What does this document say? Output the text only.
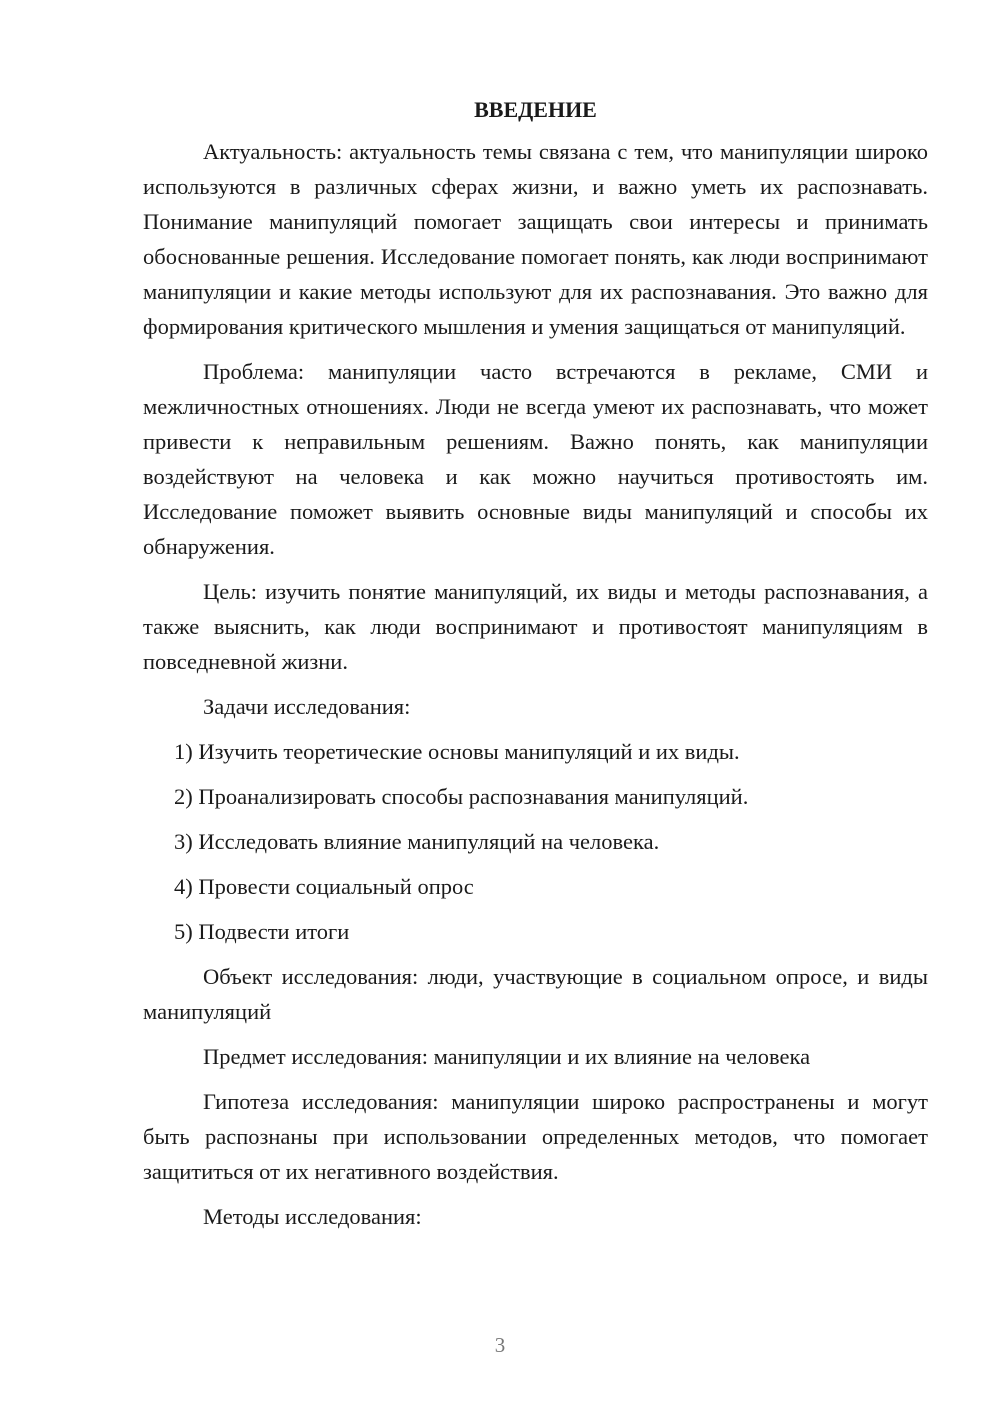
ВВЕДЕНИЕ

Актуальность: актуальность темы связана с тем, что манипуляции широко используются в различных сферах жизни, и важно уметь их распознавать. Понимание манипуляций помогает защищать свои интересы и принимать обоснованные решения. Исследование помогает понять, как люди воспринимают манипуляции и какие методы используют для их распознавания. Это важно для формирования критического мышления и умения защищаться от манипуляций.

Проблема: манипуляции часто встречаются в рекламе, СМИ и межличностных отношениях. Люди не всегда умеют их распознавать, что может привести к неправильным решениям. Важно понять, как манипуляции воздействуют на человека и как можно научиться противостоять им. Исследование поможет выявить основные виды манипуляций и способы их обнаружения.

Цель: изучить понятие манипуляций, их виды и методы распознавания, а также выяснить, как люди воспринимают и противостоят манипуляциям в повседневной жизни.

Задачи исследования:

1) Изучить теоретические основы манипуляций и их виды.

2) Проанализировать способы распознавания манипуляций.

3) Исследовать влияние манипуляций на человека.

4) Провести социальный опрос

5) Подвести итоги

Объект исследования: люди, участвующие в социальном опросе, и виды манипуляций

Предмет исследования: манипуляции и их влияние на человека

Гипотеза исследования: манипуляции широко распространены и могут быть распознаны при использовании определенных методов, что помогает защититься от их негативного воздействия.

Методы исследования:

3
